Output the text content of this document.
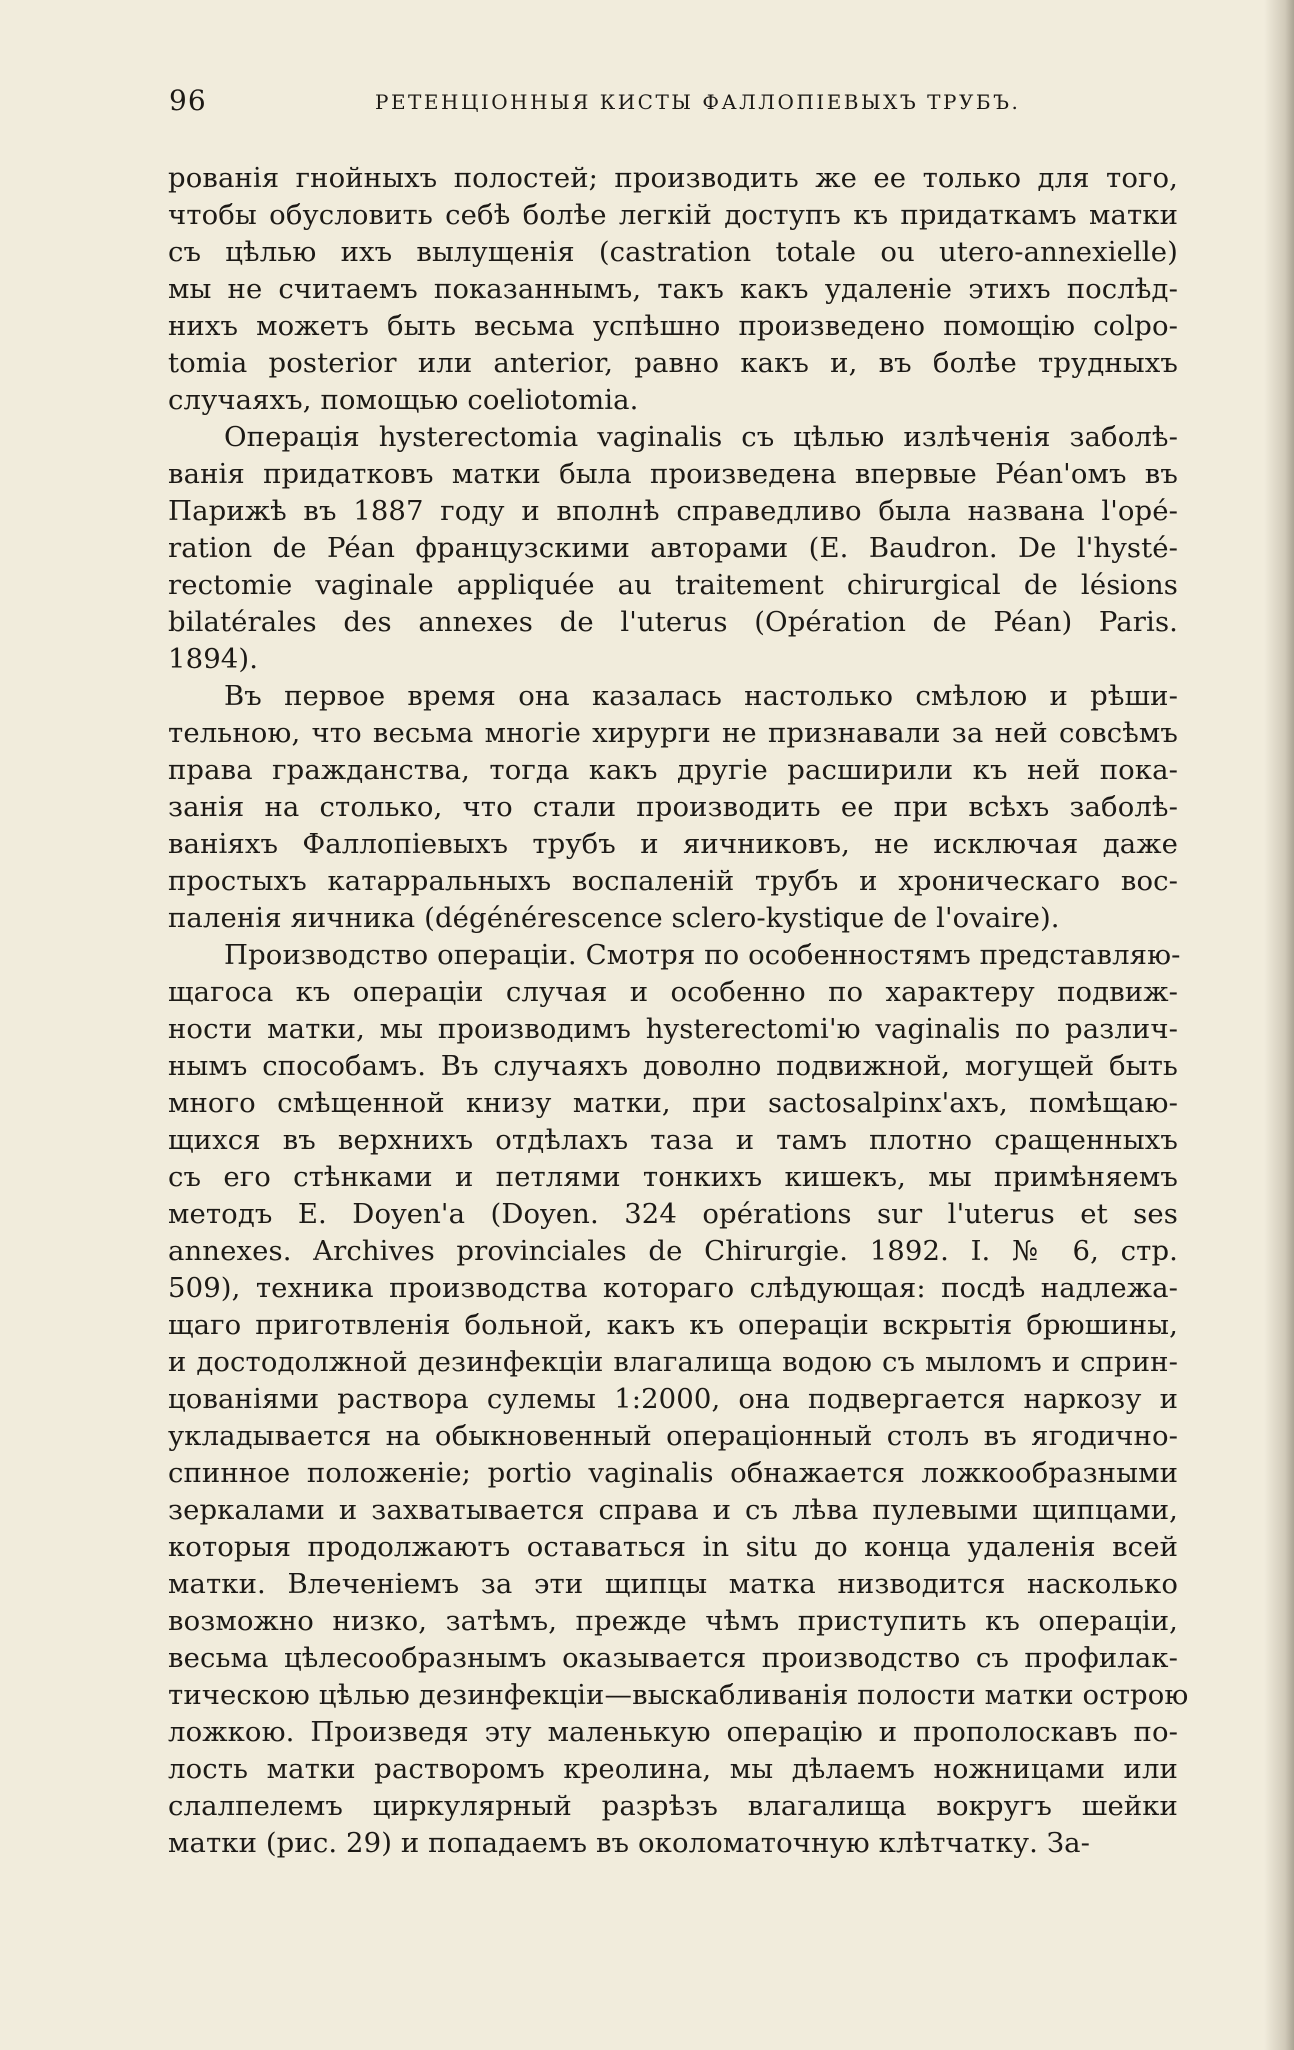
96	РЕТЕНЦІОННЫЯ КИСТЫ ФАЛЛОПІЕВЫХЪ ТРУБЪ.
рованія гнойныхъ полостей; производить же ее только для того,
чтобы обусловить себѣ болѣе легкій доступъ къ придаткамъ матки
съ цѣлью ихъ вылущенія (castration totale ou utero-annexielle)
мы не считаемъ показаннымъ, такъ какъ удаленіе этихъ послѣд-
нихъ можетъ быть весьма успѣшно произведено помощію colpo-
tomia posterior или anterior, равно какъ и, въ болѣе трудныхъ
случаяхъ, помощью coeliotomia.
Операція hysterectomia vaginalis съ цѣлью излѣченія заболѣ-
ванія придатковъ матки была произведена впервые Péan'омъ въ
Парижѣ въ 1887 году и вполнѣ справедливо была названа l'opé-
ration de Péan французскими авторами (E. Baudron. De l'hysté-
rectomie vaginale appliquée au traitement chirurgical de lésions
bilatérales des annexes de l'uterus (Opération de Péan) Paris.
1894).
Въ первое время она казалась настолько смѣлою и рѣши-
тельною, что весьма многіе хирурги не признавали за ней совсѣмъ
права гражданства, тогда какъ другіе расширили къ ней пока-
занія на столько, что стали производить ее при всѣхъ заболѣ-
ваніяхъ Фаллопіевыхъ трубъ и яичниковъ, не исключая даже
простыхъ катарральныхъ воспаленій трубъ и хроническаго вос-
паленія яичника (dégénérescence sclero-kystique de l'ovaire).
Производство операціи. Смотря по особенностямъ представляю-
щагоса къ операціи случая и особенно по характеру подвиж-
ности матки, мы производимъ hysterectomi'ю vaginalis по различ-
нымъ способамъ. Въ случаяхъ доволно подвижной, могущей быть
много смѣщенной книзу матки, при sactosalpinx'ахъ, помѣщаю-
щихся въ верхнихъ отдѣлахъ таза и тамъ плотно сращенныхъ
съ его стѣнками и петлями тонкихъ кишекъ, мы примѣняемъ
методъ E. Doyen'a (Doyen. 324 opérations sur l'uterus et ses
annexes. Archives provinciales de Chirurgie. 1892. I. № 6, стр.
509), техника производства котораго слѣдующая: посдѣ надлежа-
щаго приготвленія больной, какъ къ операціи вскрытія брюшины,
и достодолжной дезинфекціи влагалища водою съ мыломъ и сприн-
цованіями раствора сулемы 1:2000, она подвергается наркозу и
укладывается на обыкновенный операціонный столъ въ ягодично-
спинное положеніе; portio vaginalis обнажается ложкообразными
зеркалами и захватывается справа и съ лѣва пулевыми щипцами,
которыя продолжаютъ оставаться in situ до конца удаленія всей
матки. Влеченіемъ за эти щипцы матка низводится насколько
возможно низко, затѣмъ, прежде чѣмъ приступить къ операціи,
весьма цѣлесообразнымъ оказывается производство съ профилак-
тическою цѣлью дезинфекціи—выскабливанія полости матки острою
ложкою. Произведя эту маленькую операцію и прополоскавъ по-
лость матки растворомъ креолина, мы дѣлаемъ ножницами или
слалпелемъ циркулярный разрѣзъ влагалища вокругъ шейки
матки (рис. 29) и попадаемъ въ околоматочную клѣтчатку. За-
